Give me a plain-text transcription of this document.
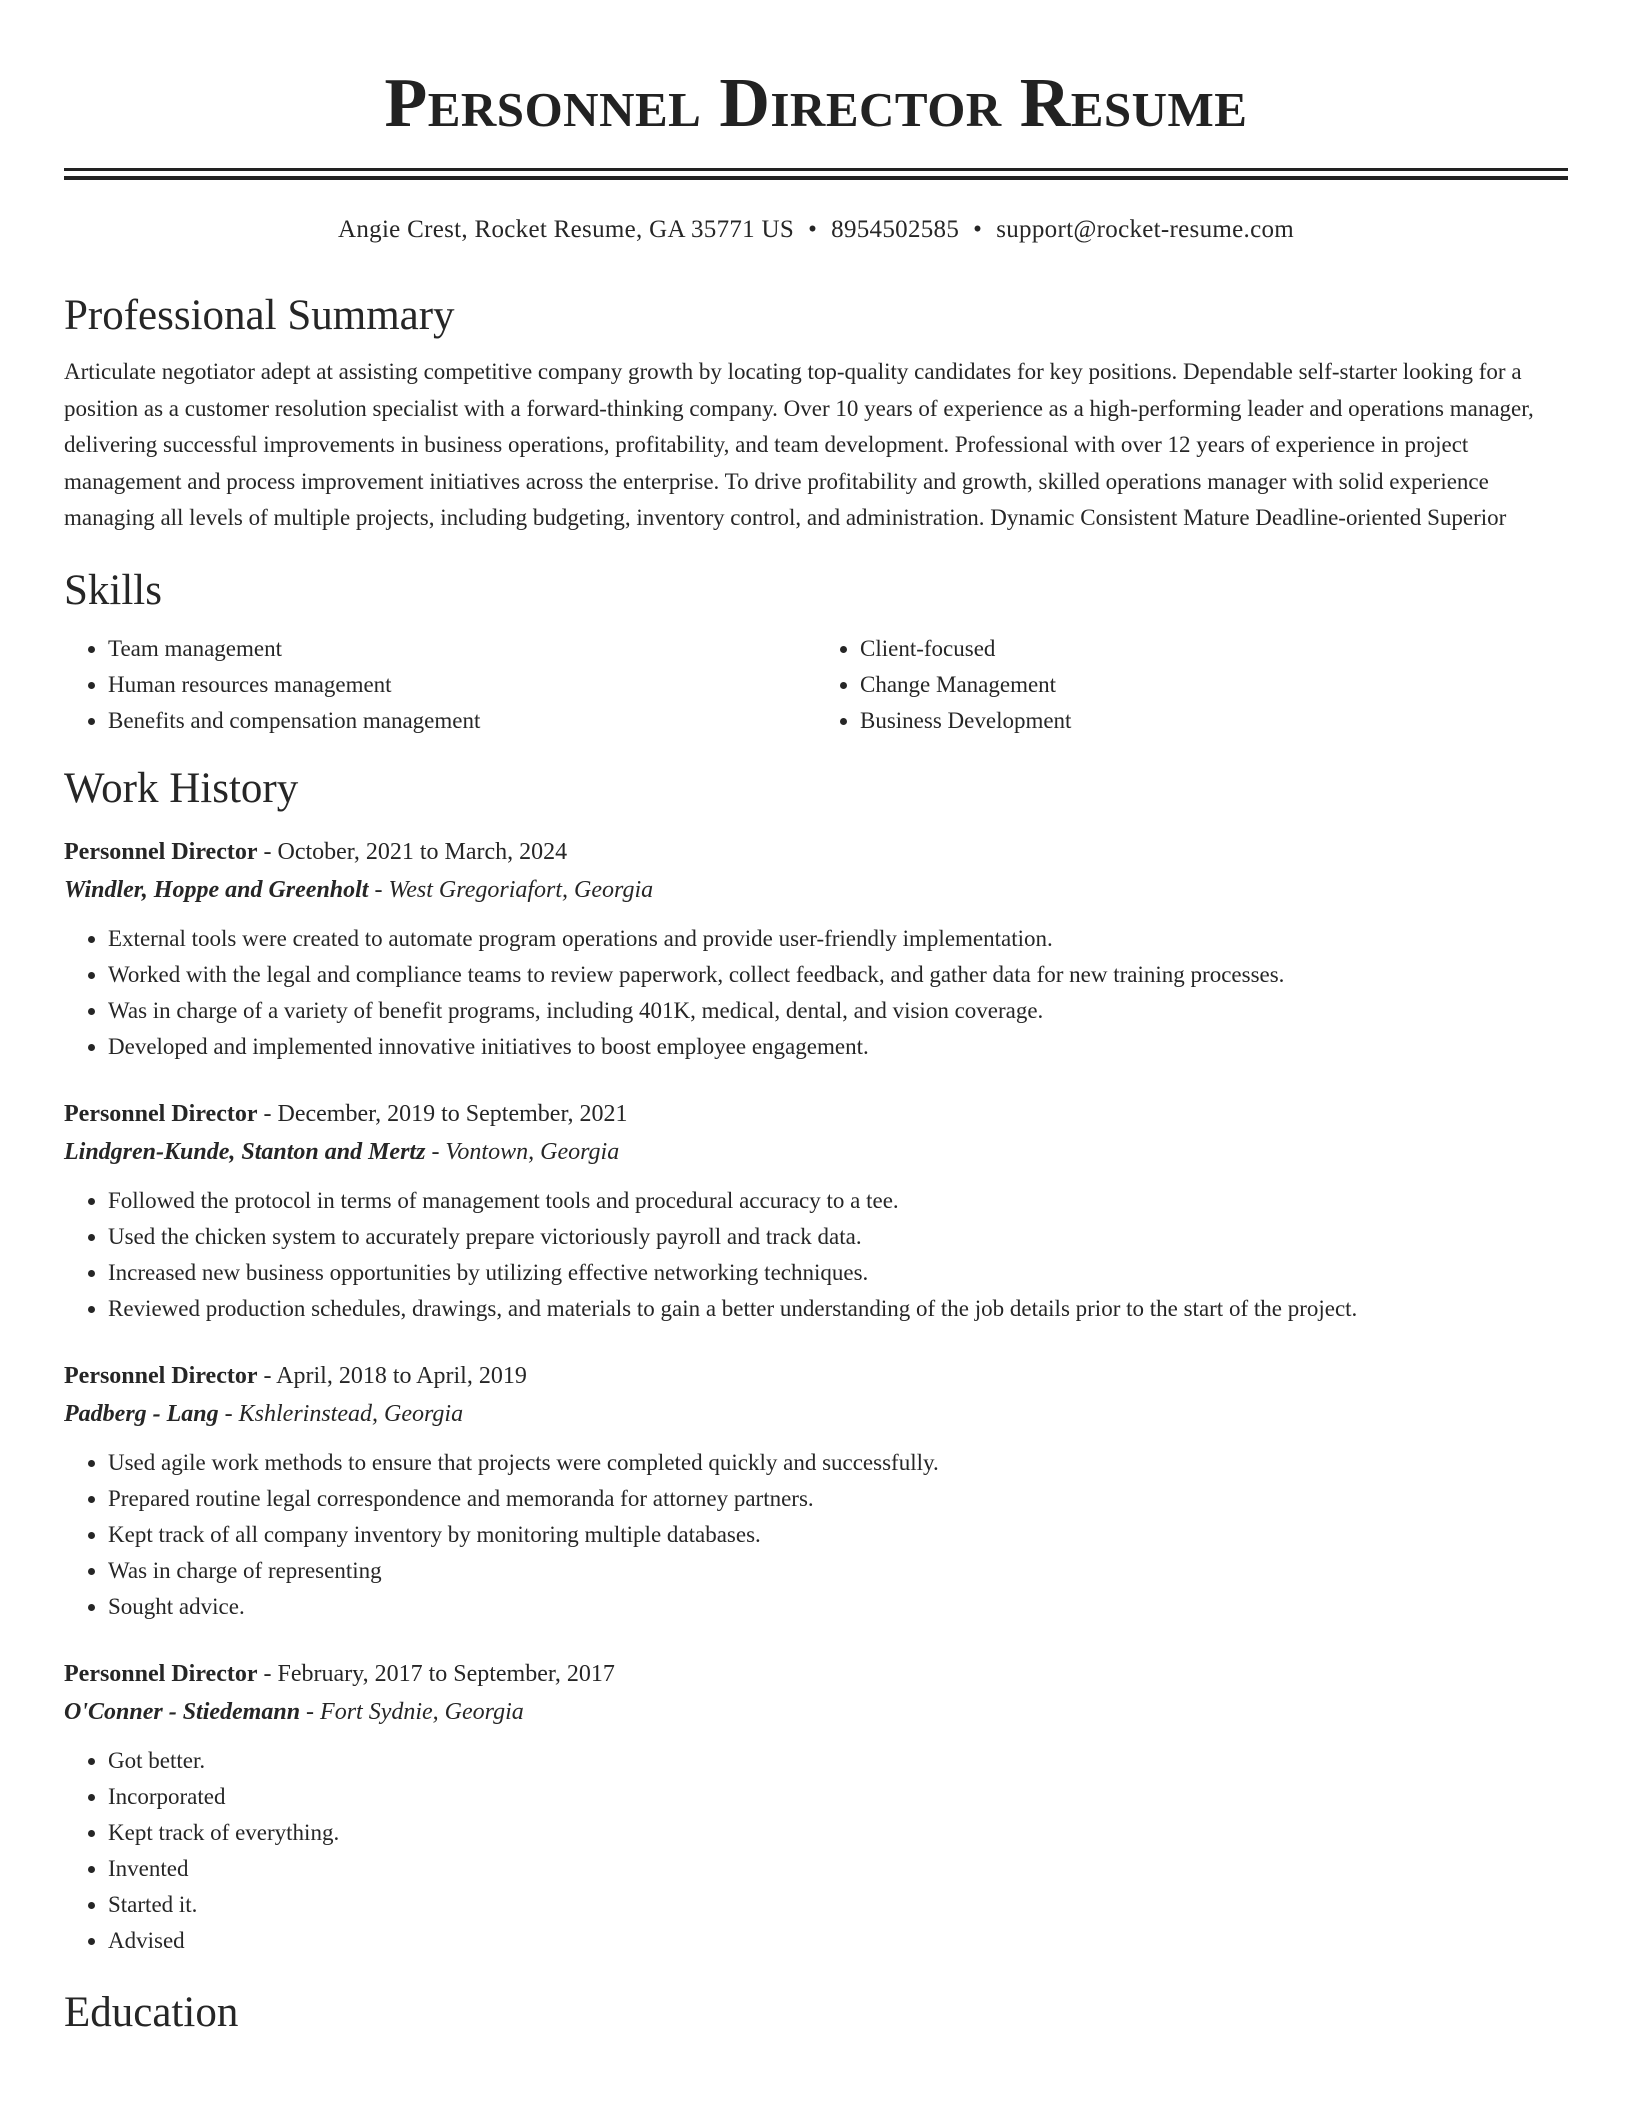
Personnel Director Resume
Angie Crest, Rocket Resume, GA 35771 US • 8954502585 • support@rocket-resume.com
Professional Summary

Articulate negotiator adept at assisting competitive company growth by locating top-quality candidates for key positions. Dependable self-starter looking for a position as a customer resolution specialist with a forward-thinking company. Over 10 years of experience as a high-performing leader and operations manager, delivering successful improvements in business operations, profitability, and team development. Professional with over 12 years of experience in project management and process improvement initiatives across the enterprise. To drive profitability and growth, skilled operations manager with solid experience managing all levels of multiple projects, including budgeting, inventory control, and administration. Dynamic Consistent Mature Deadline-oriented Superior

Skills
• Team management
• Human resources management
• Benefits and compensation management
• Client-focused
• Change Management
• Business Development
Work History
Personnel Director - October, 2021 to March, 2024
Windler, Hoppe and Greenholt - West Gregoriafort, Georgia
• External tools were created to automate program operations and provide user-friendly implementation.
• Worked with the legal and compliance teams to review paperwork, collect feedback, and gather data for new training processes.
• Was in charge of a variety of benefit programs, including 401K, medical, dental, and vision coverage.
• Developed and implemented innovative initiatives to boost employee engagement.
Personnel Director - December, 2019 to September, 2021
Lindgren-Kunde, Stanton and Mertz - Vontown, Georgia
• Followed the protocol in terms of management tools and procedural accuracy to a tee.
• Used the chicken system to accurately prepare victoriously payroll and track data.
• Increased new business opportunities by utilizing effective networking techniques.
• Reviewed production schedules, drawings, and materials to gain a better understanding of the job details prior to the start of the project.
Personnel Director - April, 2018 to April, 2019
Padberg - Lang - Kshlerinstead, Georgia
• Used agile work methods to ensure that projects were completed quickly and successfully.
• Prepared routine legal correspondence and memoranda for attorney partners.
• Kept track of all company inventory by monitoring multiple databases.
• Was in charge of representing
• Sought advice.
Personnel Director - February, 2017 to September, 2017
O'Conner - Stiedemann - Fort Sydnie, Georgia
• Got better.
• Incorporated
• Kept track of everything.
• Invented
• Started it.
• Advised
Education
